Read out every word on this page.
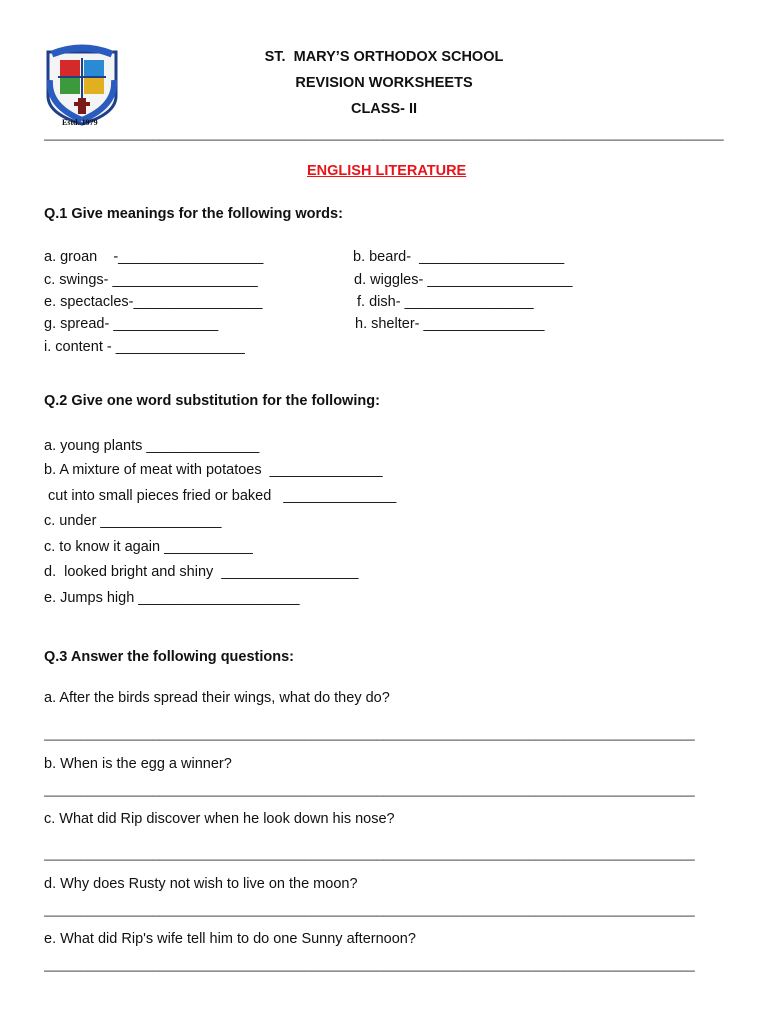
Estd. 1979
ST.  MARY’S ORTHODOX SCHOOL
REVISION WORKSHEETS
CLASS- II
______________________________________________________________________________________________
ENGLISH LITERATURE
Q.1 Give meanings for the following words:
a. groan    -__________________
c. swings- __________________
e. spectacles-________________
g. spread- _____________
i. content - ________________
b. beard-  __________________
d. wiggles- __________________
f. dish- ________________
h. shelter- _______________
Q.2 Give one word substitution for the following:
a. young plants ______________
b. A mixture of meat with potatoes  ______________
cut into small pieces fried or baked   ______________
c. under _______________
c. to know it again ___________
d.  looked bright and shiny  _________________
e. Jumps high ____________________
Q.3 Answer the following questions:
a. After the birds spread their wings, what do they do?
__________________________________________________________________________________________
b. When is the egg a winner?
__________________________________________________________________________________________
c. What did Rip discover when he look down his nose?
__________________________________________________________________________________________
d. Why does Rusty not wish to live on the moon?
__________________________________________________________________________________________
e. What did Rip's wife tell him to do one Sunny afternoon?
__________________________________________________________________________________________
